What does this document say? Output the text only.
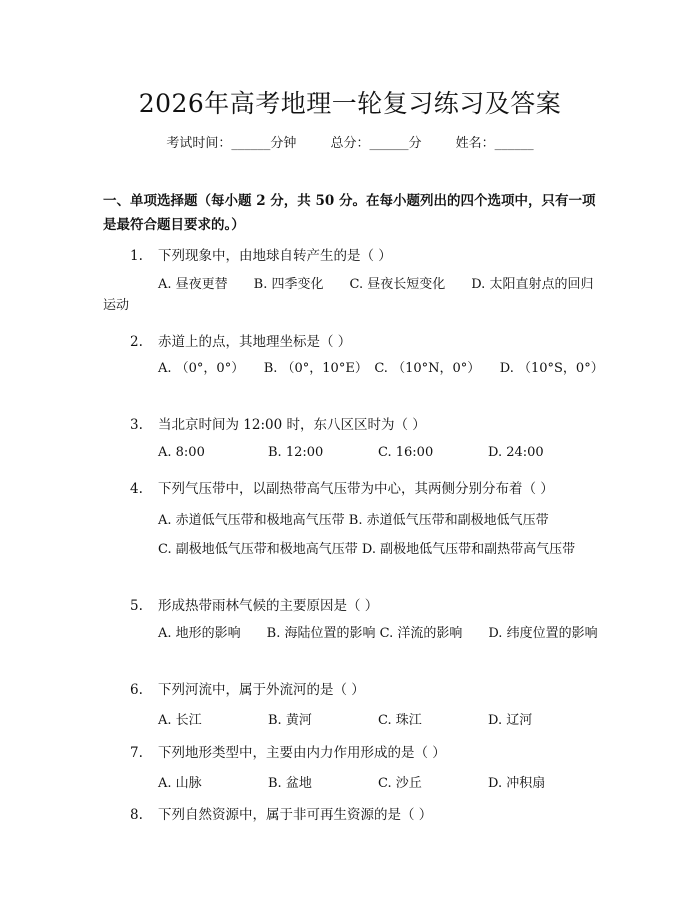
2026年高考地理一轮复习练习及答案
考试时间：______分钟	总分：______分	姓名：______
一、单项选择题（每小题 2 分，共 50 分。在每小题列出的四个选项中，只有一项是最符合题目要求的。）
1. 下列现象中，由地球自转产生的是（ ）
A. 昼夜更替　　B. 四季变化　　C. 昼夜长短变化　　D. 太阳直射点的回归运动
2. 赤道上的点，其地理坐标是（ ）
A. （0°，0°）　　B. （0°，10°E）　C. （10°N，0°）　　D. （10°S，0°）
3. 当北京时间为 12:00 时，东八区区时为（ ）
A. 8:00	B. 12:00	C. 16:00	D. 24:00
4. 下列气压带中，以副热带高气压带为中心，其两侧分别分布着（ ）
A. 赤道低气压带和极地高气压带 B. 赤道低气压带和副极地低气压带
C. 副极地低气压带和极地高气压带 D. 副极地低气压带和副热带高气压带
5. 形成热带雨林气候的主要原因是（ ）
A. 地形的影响　　B. 海陆位置的影响 C. 洋流的影响　　D. 纬度位置的影响
6. 下列河流中，属于外流河的是（ ）
A. 长江	B. 黄河	C. 珠江	D. 辽河
7. 下列地形类型中，主要由内力作用形成的是（ ）
A. 山脉	B. 盆地	C. 沙丘	D. 冲积扇
8. 下列自然资源中，属于非可再生资源的是（ ）
